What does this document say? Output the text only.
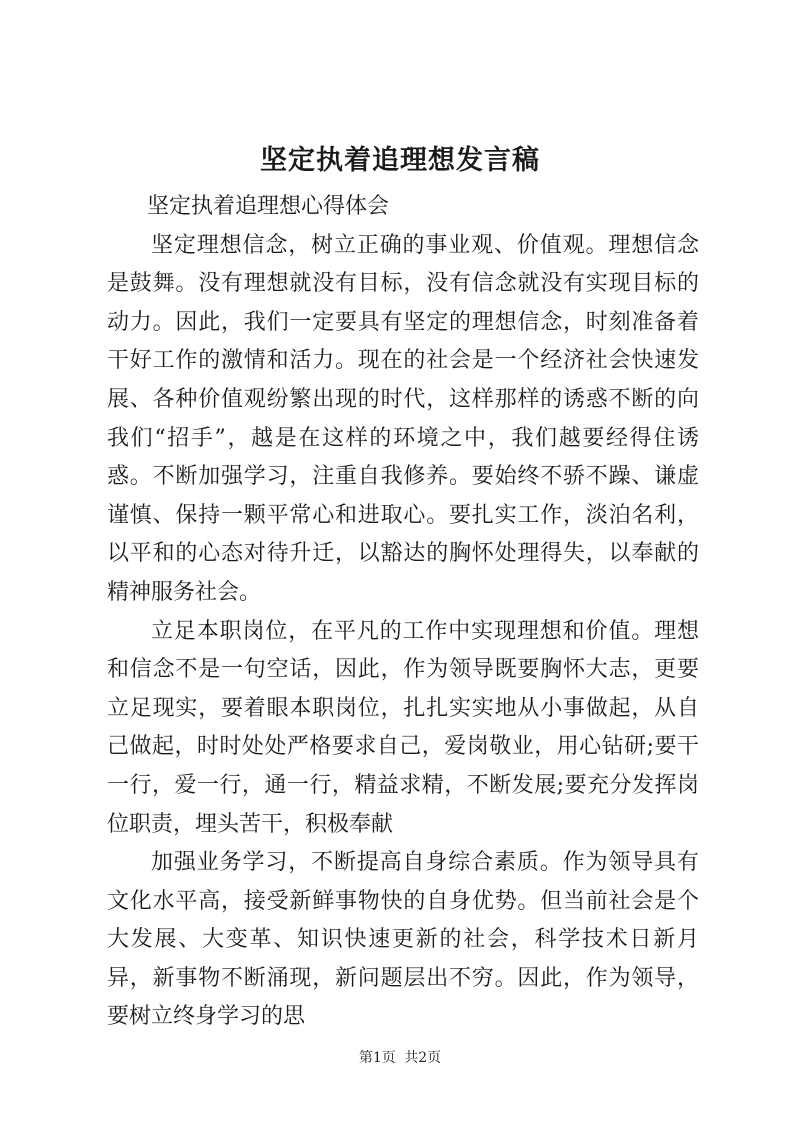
坚定执着追理想发言稿

坚定执着追理想心得体会

坚定理想信念，树立正确的事业观、价值观。理想信念是鼓舞。没有理想就没有目标，没有信念就没有实现目标的动力。因此，我们一定要具有坚定的理想信念，时刻准备着干好工作的激情和活力。现在的社会是一个经济社会快速发展、各种价值观纷繁出现的时代，这样那样的诱惑不断的向我们“招手”，越是在这样的环境之中，我们越要经得住诱惑。不断加强学习，注重自我修养。要始终不骄不躁、谦虚谨慎、保持一颗平常心和进取心。要扎实工作，淡泊名利，以平和的心态对待升迁，以豁达的胸怀处理得失，以奉献的精神服务社会。

立足本职岗位，在平凡的工作中实现理想和价值。理想和信念不是一句空话，因此，作为领导既要胸怀大志，更要立足现实，要着眼本职岗位，扎扎实实地从小事做起，从自己做起，时时处处严格要求自己，爱岗敬业，用心钻研;要干一行，爱一行，通一行，精益求精，不断发展;要充分发挥岗位职责，埋头苦干，积极奉献

加强业务学习，不断提高自身综合素质。作为领导具有文化水平高，接受新鲜事物快的自身优势。但当前社会是个大发展、大变革、知识快速更新的社会，科学技术日新月异，新事物不断涌现，新问题层出不穷。因此，作为领导，要树立终身学习的思

第1页 共2页
